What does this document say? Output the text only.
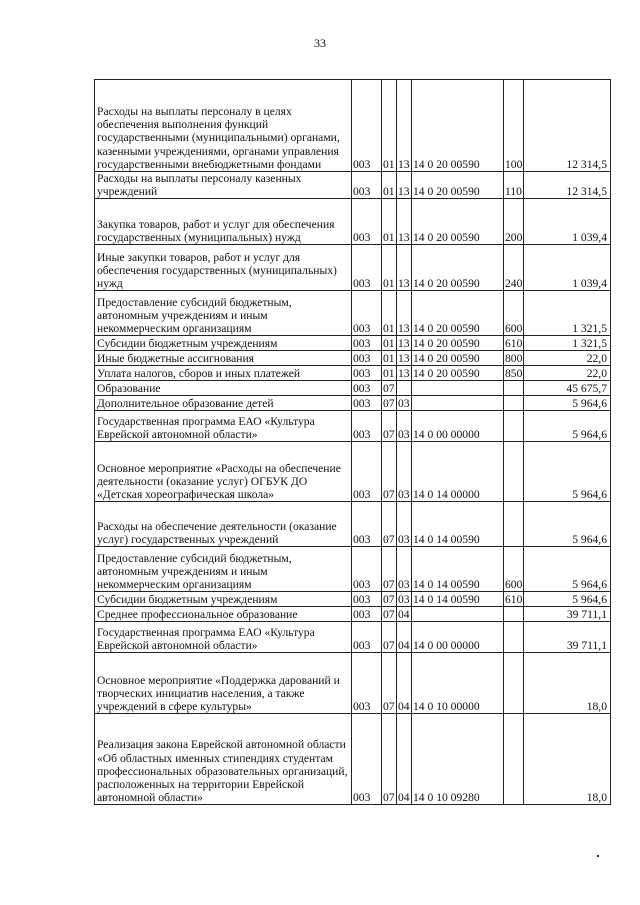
33
Расходы на выплаты персоналу в целях обеспечения выполнения функций государственными (муниципальными) органами, казенными учреждениями, органами управления государственными внебюджетными фондами	003	01	13	14 0 20 00590	100	12 314,5
Расходы на выплаты персоналу казенных учреждений	003	01	13	14 0 20 00590	110	12 314,5
Закупка товаров, работ и услуг для обеспечения государственных (муниципальных) нужд	003	01	13	14 0 20 00590	200	1 039,4
Иные закупки товаров, работ и услуг для обеспечения государственных (муниципальных) нужд	003	01	13	14 0 20 00590	240	1 039,4
Предоставление субсидий бюджетным, автономным учреждениям и иным некоммерческим организациям	003	01	13	14 0 20 00590	600	1 321,5
Субсидии бюджетным учреждениям	003	01	13	14 0 20 00590	610	1 321,5
Иные бюджетные ассигнования	003	01	13	14 0 20 00590	800	22,0
Уплата налогов, сборов и иных платежей	003	01	13	14 0 20 00590	850	22,0
Образование	003	07				45 675,7
Дополнительное образование детей	003	07	03			5 964,6
Государственная программа ЕАО «Культура Еврейской автономной области»	003	07	03	14 0 00 00000		5 964,6
Основное мероприятие «Расходы на обеспечение деятельности (оказание услуг) ОГБУК ДО «Детская хореографическая школа»	003	07	03	14 0 14 00000		5 964,6
Расходы на обеспечение деятельности (оказание услуг) государственных учреждений	003	07	03	14 0 14 00590		5 964,6
Предоставление субсидий бюджетным, автономным учреждениям и иным некоммерческим организациям	003	07	03	14 0 14 00590	600	5 964,6
Субсидии бюджетным учреждениям	003	07	03	14 0 14 00590	610	5 964,6
Среднее профессиональное образование	003	07	04			39 711,1
Государственная программа ЕАО «Культура Еврейской автономной области»	003	07	04	14 0 00 00000		39 711,1
Основное мероприятие «Поддержка дарований и творческих инициатив населения, а также учреждений в сфере культуры»	003	07	04	14 0 10 00000		18,0
Реализация закона Еврейской автономной области «Об областных именных стипендиях студентам профессиональных образовательных организаций, расположенных на территории Еврейской автономной области»	003	07	04	14 0 10 09280		18,0
